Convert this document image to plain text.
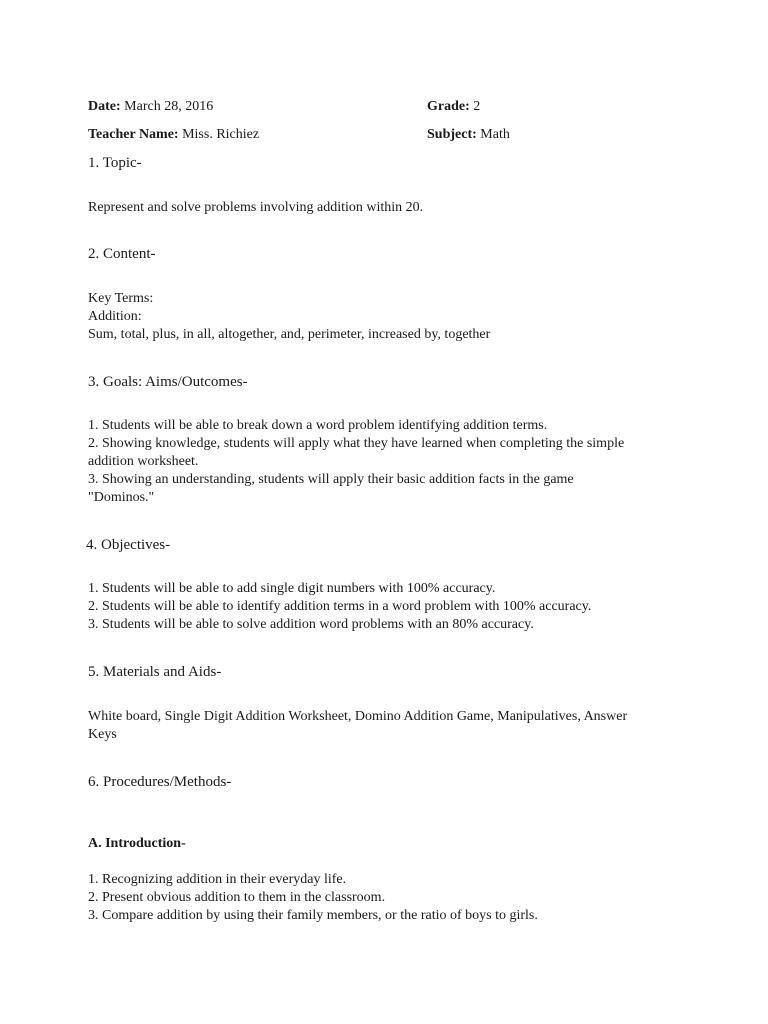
Date: March 28, 2016	Grade: 2
Teacher Name: Miss. Richiez	Subject: Math
1. Topic-
Represent and solve problems involving addition within 20.
2. Content-
Key Terms:
Addition:
Sum, total, plus, in all, altogether, and, perimeter, increased by, together
3. Goals: Aims/Outcomes-
1. Students will be able to break down a word problem identifying addition terms.
2. Showing knowledge, students will apply what they have learned when completing the simple
addition worksheet.
3. Showing an understanding, students will apply their basic addition facts in the game
"Dominos."
4. Objectives-
1. Students will be able to add single digit numbers with 100% accuracy.
2. Students will be able to identify addition terms in a word problem with 100% accuracy.
3. Students will be able to solve addition word problems with an 80% accuracy.
5. Materials and Aids-
White board, Single Digit Addition Worksheet, Domino Addition Game, Manipulatives, Answer
Keys
6. Procedures/Methods-
A. Introduction-
1. Recognizing addition in their everyday life.
2. Present obvious addition to them in the classroom.
3. Compare addition by using their family members, or the ratio of boys to girls.
